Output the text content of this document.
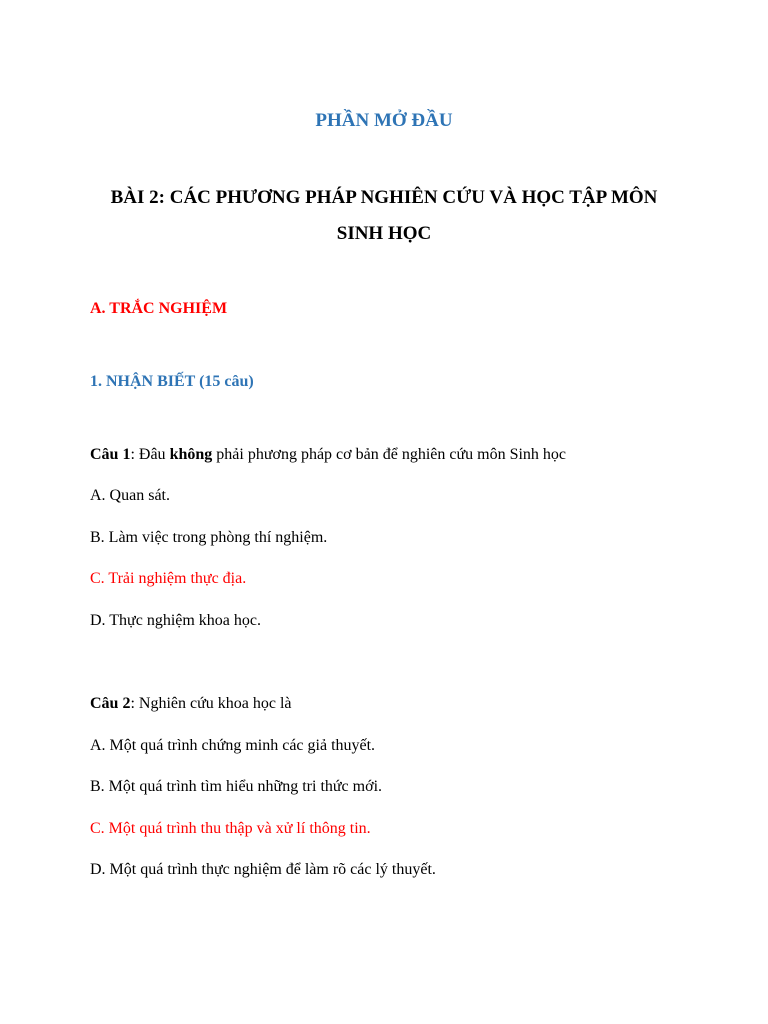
PHẦN MỞ ĐẦU
BÀI 2: CÁC PHƯƠNG PHÁP NGHIÊN CỨU VÀ HỌC TẬP MÔN
SINH HỌC
A. TRẮC NGHIỆM
1. NHẬN BIẾT (15 câu)
Câu 1: Đâu không phải phương pháp cơ bản để nghiên cứu môn Sinh học
A. Quan sát.
B. Làm việc trong phòng thí nghiệm.
C. Trải nghiệm thực địa.
D. Thực nghiệm khoa học.
Câu 2: Nghiên cứu khoa học là
A. Một quá trình chứng minh các giả thuyết.
B. Một quá trình tìm hiểu những tri thức mới.
C. Một quá trình thu thập và xử lí thông tin.
D. Một quá trình thực nghiệm để làm rõ các lý thuyết.
